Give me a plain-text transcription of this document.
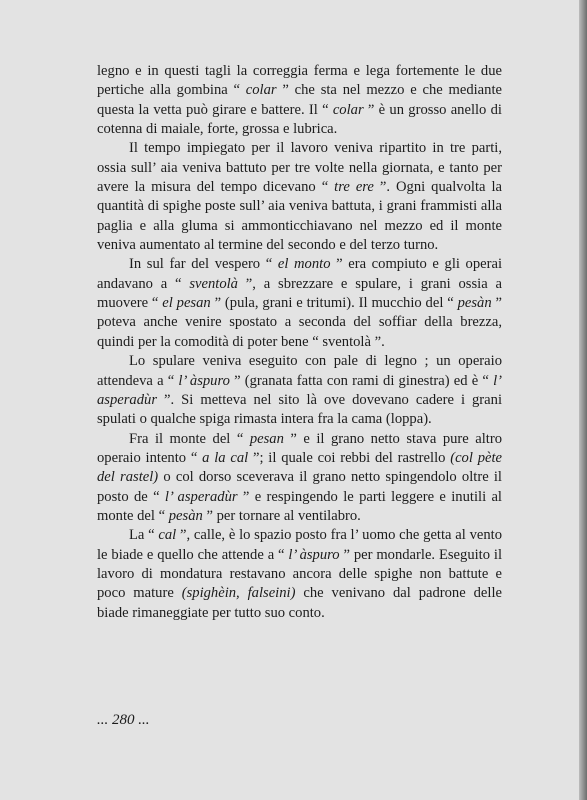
legno e in questi tagli la correggia ferma e lega fortemente le due pertiche alla gombina “ colar ” che sta nel mezzo e che mediante questa la vetta può girare e battere. Il “ colar ” è un grosso anello di cotenna di maiale, forte, grossa e lubrica.

Il tempo impiegato per il lavoro veniva ripartito in tre parti, ossia sull’ aia veniva battuto per tre volte nella giornata, e tanto per avere la misura del tempo dicevano “ tre ere ”. Ogni qualvolta la quantità di spighe poste sull’ aia veniva battuta, i grani frammisti alla paglia e alla gluma si ammonticchiavano nel mezzo ed il monte veniva aumentato al termine del secondo e del terzo turno.

In sul far del vespero “ el monto ” era compiuto e gli operai andavano a “ sventolà ”, a sbrezzare e spulare, i grani ossia a muovere “ el pesan ” (pula, grani e tritumi). Il mucchio del “ pesàn ” poteva anche venire spostato a seconda del soffiar della brezza, quindi per la comodità di poter bene “ sventolà ”.

Lo spulare veniva eseguito con pale di legno ; un operaio attendeva a “ l’ àspuro ” (granata fatta con rami di ginestra) ed è “ l’ asperadùr ”. Si metteva nel sito là ove dovevano cadere i grani spulati o qualche spiga rimasta intera fra la cama (loppa).

Fra il monte del “ pesan ” e il grano netto stava pure altro operaio intento “ a la cal ”; il quale coi rebbi del rastrello (col pète del rastel) o col dorso sceverava il grano netto spingendolo oltre il posto de “ l’ asperadùr ” e respingendo le parti leggere e inutili al monte del “ pesàn ” per tornare al ventilabro.

La “ cal ”, calle, è lo spazio posto fra l’ uomo che getta al vento le biade e quello che attende a “ l’ àspuro ” per mondarle. Eseguito il lavoro di mondatura restavano ancora delle spighe non battute e poco mature (spighèin, falseini) che venivano dal padrone delle biade rimaneggiate per tutto suo conto.

... 280 ...
